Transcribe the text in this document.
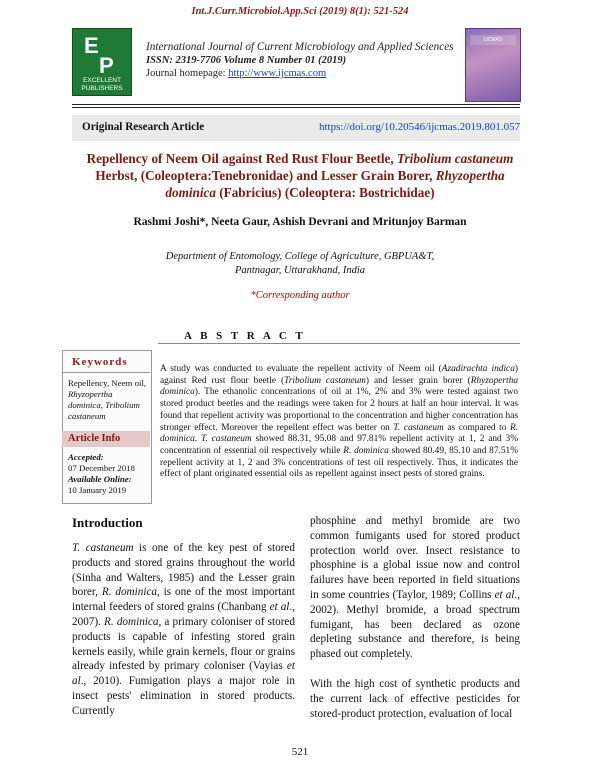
Int.J.Curr.Microbiol.App.Sci (2019) 8(1): 521-524
E
P
EXCELLENT PUBLISHERS
International Journal of Current Microbiology and Applied Sciences
ISSN: 2319-7706 Volume 8 Number 01 (2019)
Journal homepage: http://www.ijcmas.com
IJCMAS
Original Research Article	https://doi.org/10.20546/ijcmas.2019.801.057
Repellency of Neem Oil against Red Rust Flour Beetle, Tribolium castaneum Herbst, (Coleoptera:Tenebronidae) and Lesser Grain Borer, Rhyzopertha dominica (Fabricius) (Coleoptera: Bostrichidae)
Rashmi Joshi*, Neeta Gaur, Ashish Devrani and Mritunjoy Barman
Department of Entomology, College of Agriculture, GBPUA&T,
Pantnagar, Uttarakhand, India
*Corresponding author
A B S T R A C T
Keywords
Repellency, Neem oil, Rhyzopertha dominica, Tribolium castaneum
Article Info
Accepted:
07 December 2018
Available Online:
10 January 2019
A study was conducted to evaluate the repellent activity of Neem oil (Azadirachta indica) against Red rust flour beetle (Tribolium castaneum) and lesser grain borer (Rhyzopertha dominica). The ethanolic concentrations of oil at 1%, 2% and 3% were tested against two stored product beetles and the readings were taken for 2 hours at half an hour interval. It was found that repellent activity was proportional to the concentration and higher concentration has stronger effect. Moreover the repellent effect was better on T. castaneum as compared to R. dominica. T. castaneum showed 88.31, 95.08 and 97.81% repellent activity at 1, 2 and 3% concentration of essential oil respectively while R. dominica showed 80.49, 85.10 and 87.51% repellent activity at 1, 2 and 3% concentrations of test oil respectively. Thus, it indicates the effect of plant originated essential oils as repellent against insect pests of stored grains.
Introduction

T. castaneum is one of the key pest of stored products and stored grains throughout the world (Sinha and Walters, 1985) and the Lesser grain borer, R. dominica, is one of the most important internal feeders of stored grains (Chanbang et al., 2007). R. dominica, a primary coloniser of stored products is capable of infesting stored grain kernels easily, while grain kernels, flour or grains already infested by primary coloniser (Vayias et al., 2010). Fumigation plays a major role in insect pests' elimination in stored products. Currently

phosphine and methyl bromide are two common fumigants used for stored product protection world over. Insect resistance to phosphine is a global issue now and control failures have been reported in field situations in some countries (Taylor, 1989; Collins et al., 2002). Methyl bromide, a broad spectrum fumigant, has been declared as ozone depleting substance and therefore, is being phased out completely.

With the high cost of synthetic products and the current lack of effective pesticides for stored-product protection, evaluation of local

521
